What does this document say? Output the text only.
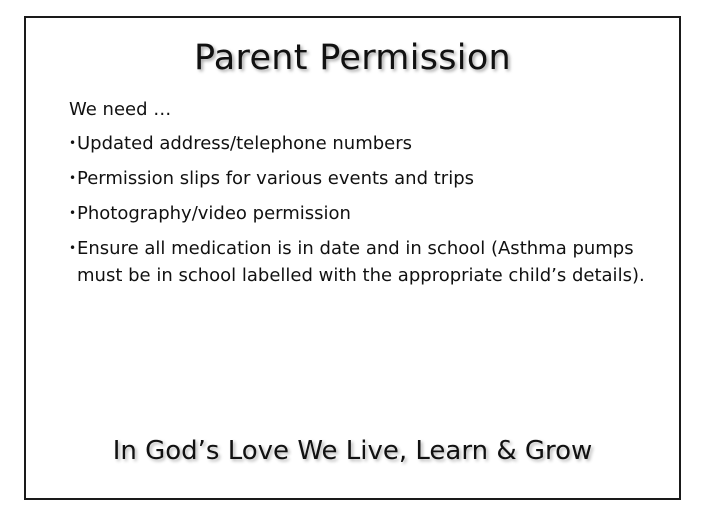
Parent Permission
We need …
• Updated address/telephone numbers
• Permission slips for various events and trips
• Photography/video permission
• Ensure all medication is in date and in school (Asthma pumps must be in school labelled with the appropriate child’s details).
In God’s Love We Live, Learn & Grow
